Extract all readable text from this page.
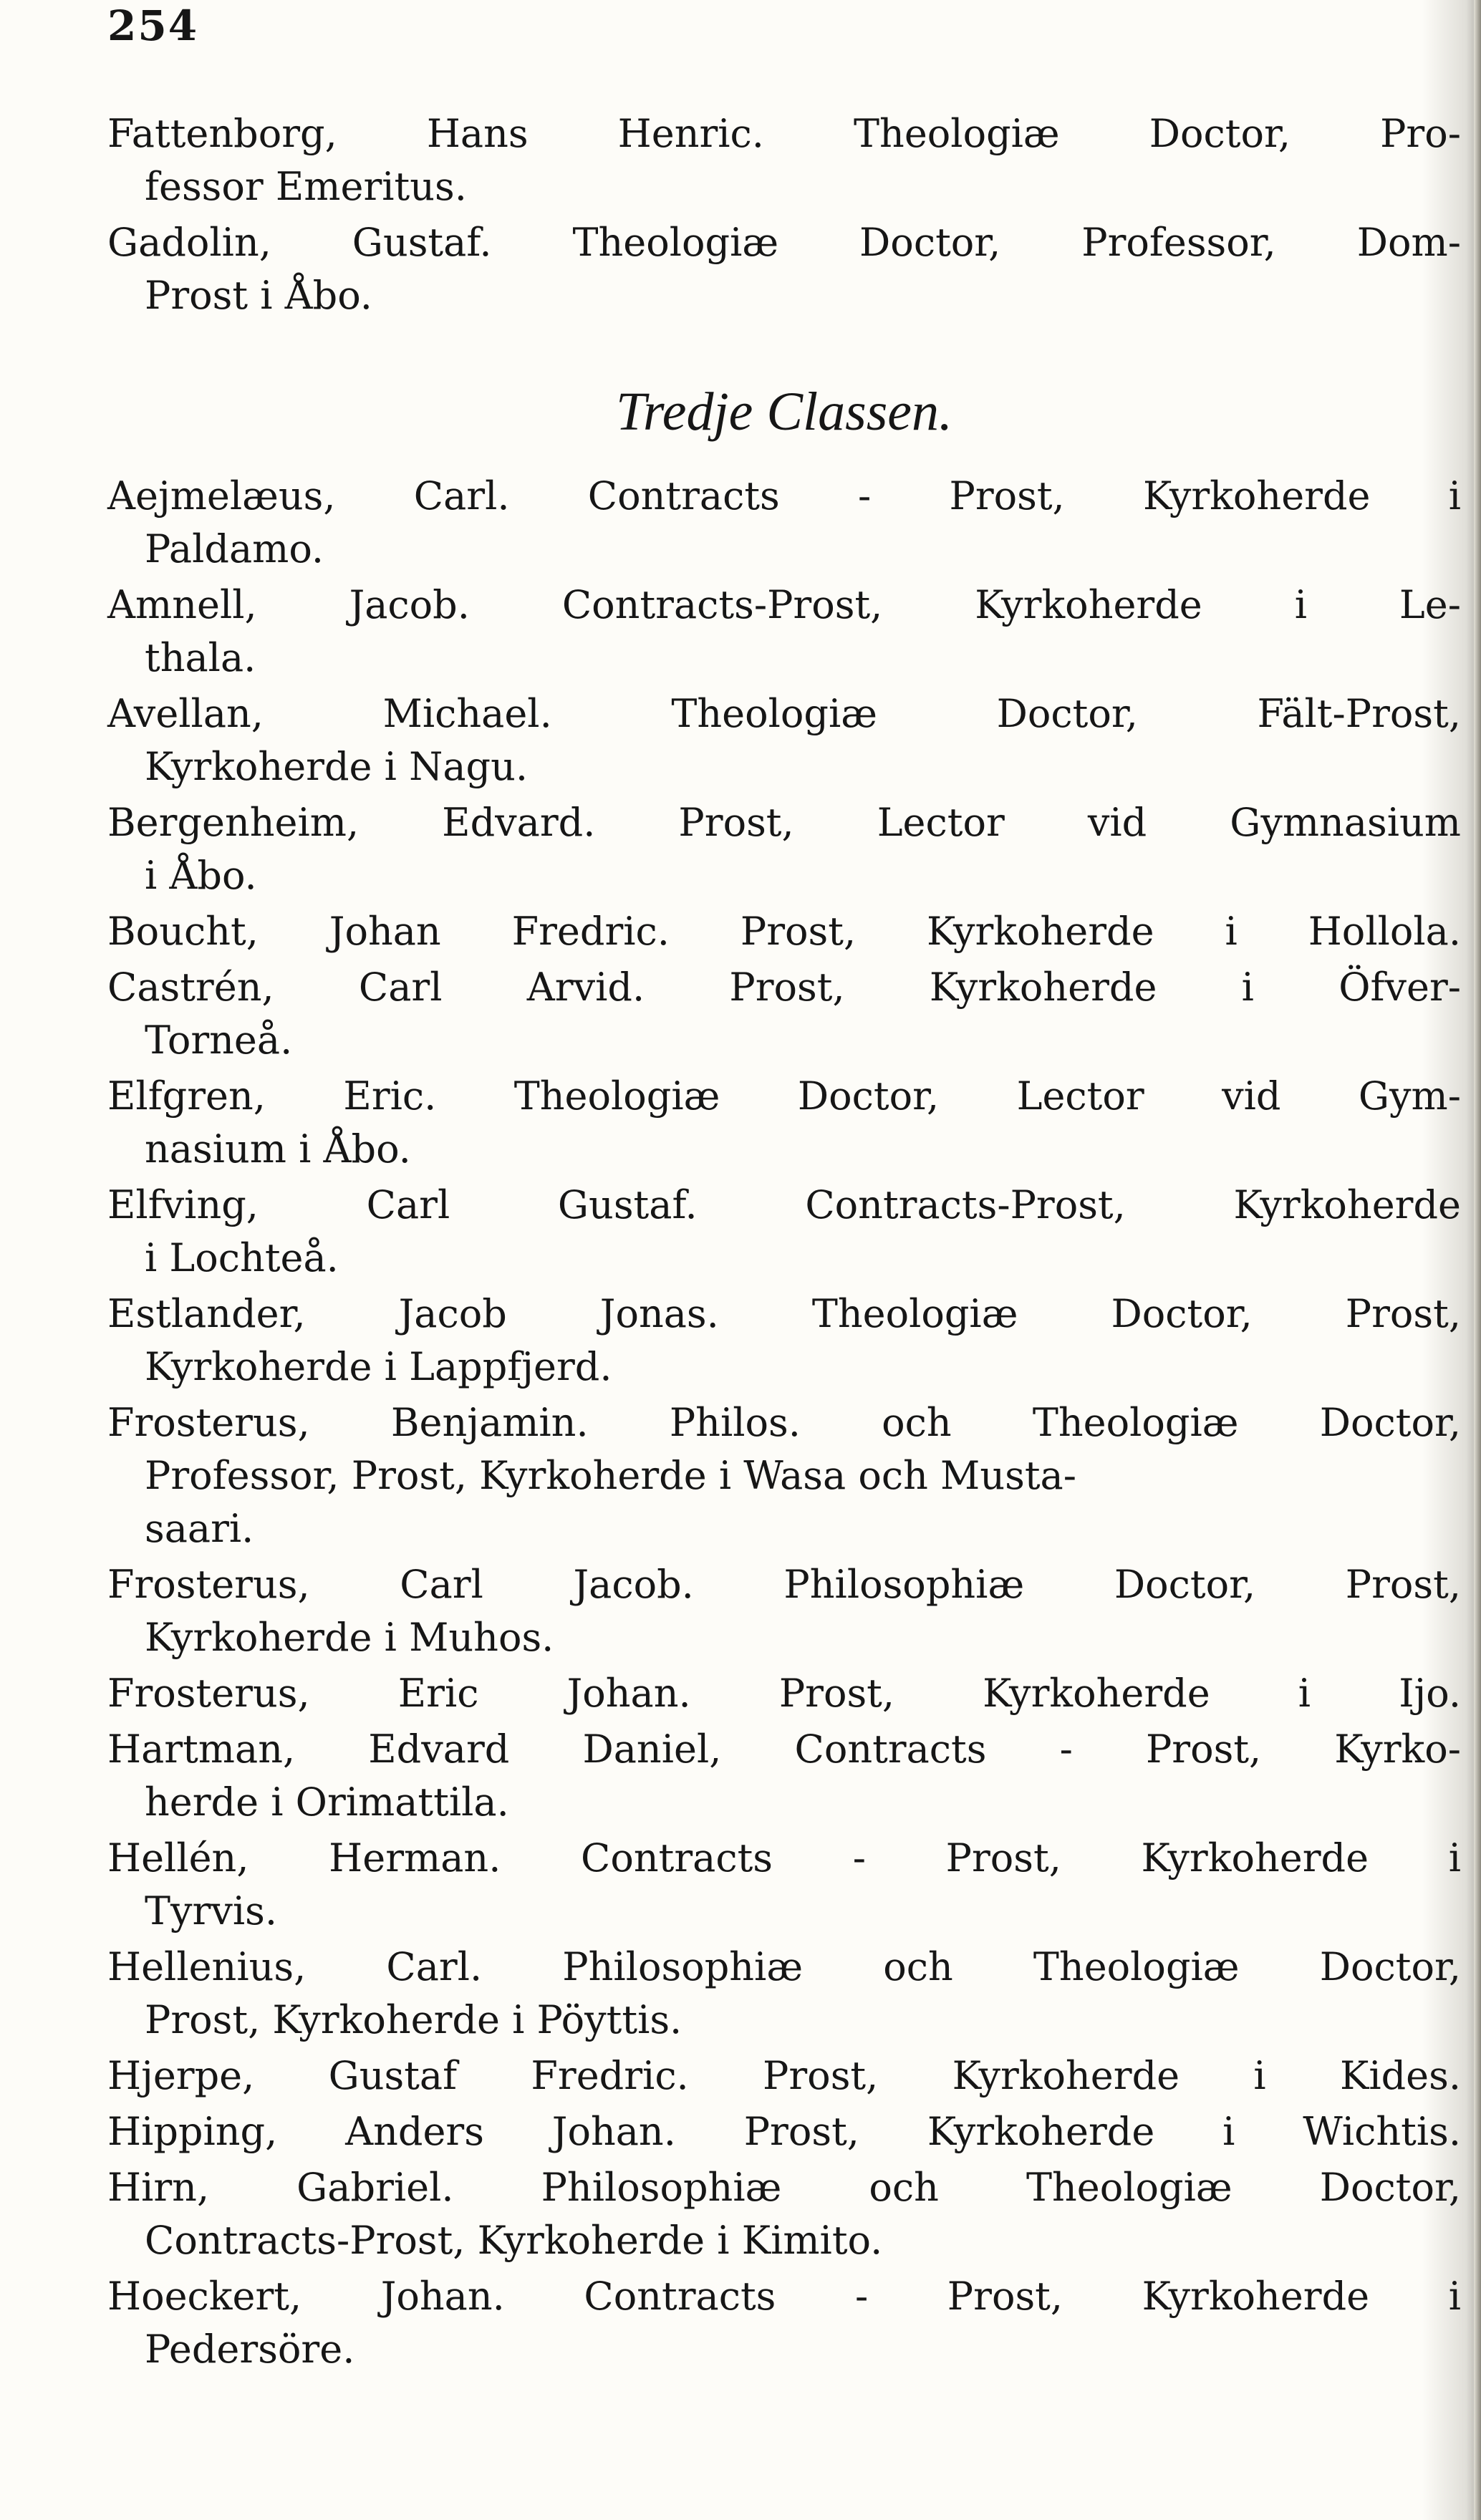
254
Fattenborg, Hans Henric. Theologiæ Doctor, Pro-
fessor Emeritus.
Gadolin, Gustaf. Theologiæ Doctor, Professor, Dom-
Prost i Åbo.
Tredje Classen.
Aejmelæus, Carl. Contracts - Prost, Kyrkoherde i
Paldamo.
Amnell, Jacob. Contracts-Prost, Kyrkoherde i Le-
thala.
Avellan, Michael. Theologiæ Doctor, Fält-Prost,
Kyrkoherde i Nagu.
Bergenheim, Edvard. Prost, Lector vid Gymnasium
i Åbo.
Boucht, Johan Fredric. Prost, Kyrkoherde i Hollola.
Castrén, Carl Arvid. Prost, Kyrkoherde i Öfver-
Torneå.
Elfgren, Eric. Theologiæ Doctor, Lector vid Gym-
nasium i Åbo.
Elfving, Carl Gustaf. Contracts-Prost, Kyrkoherde
i Lochteå.
Estlander, Jacob Jonas. Theologiæ Doctor, Prost,
Kyrkoherde i Lappfjerd.
Frosterus, Benjamin. Philos. och Theologiæ Doctor,
Professor, Prost, Kyrkoherde i Wasa och Musta-
saari.
Frosterus, Carl Jacob. Philosophiæ Doctor, Prost,
Kyrkoherde i Muhos.
Frosterus, Eric Johan. Prost, Kyrkoherde i Ijo.
Hartman, Edvard Daniel, Contracts - Prost, Kyrko-
herde i Orimattila.
Hellén, Herman. Contracts - Prost, Kyrkoherde i
Tyrvis.
Hellenius, Carl. Philosophiæ och Theologiæ Doctor,
Prost, Kyrkoherde i Pöyttis.
Hjerpe, Gustaf Fredric. Prost, Kyrkoherde i Kides.
Hipping, Anders Johan. Prost, Kyrkoherde i Wichtis.
Hirn, Gabriel. Philosophiæ och Theologiæ Doctor,
Contracts-Prost, Kyrkoherde i Kimito.
Hoeckert, Johan. Contracts - Prost, Kyrkoherde i
Pedersöre.
